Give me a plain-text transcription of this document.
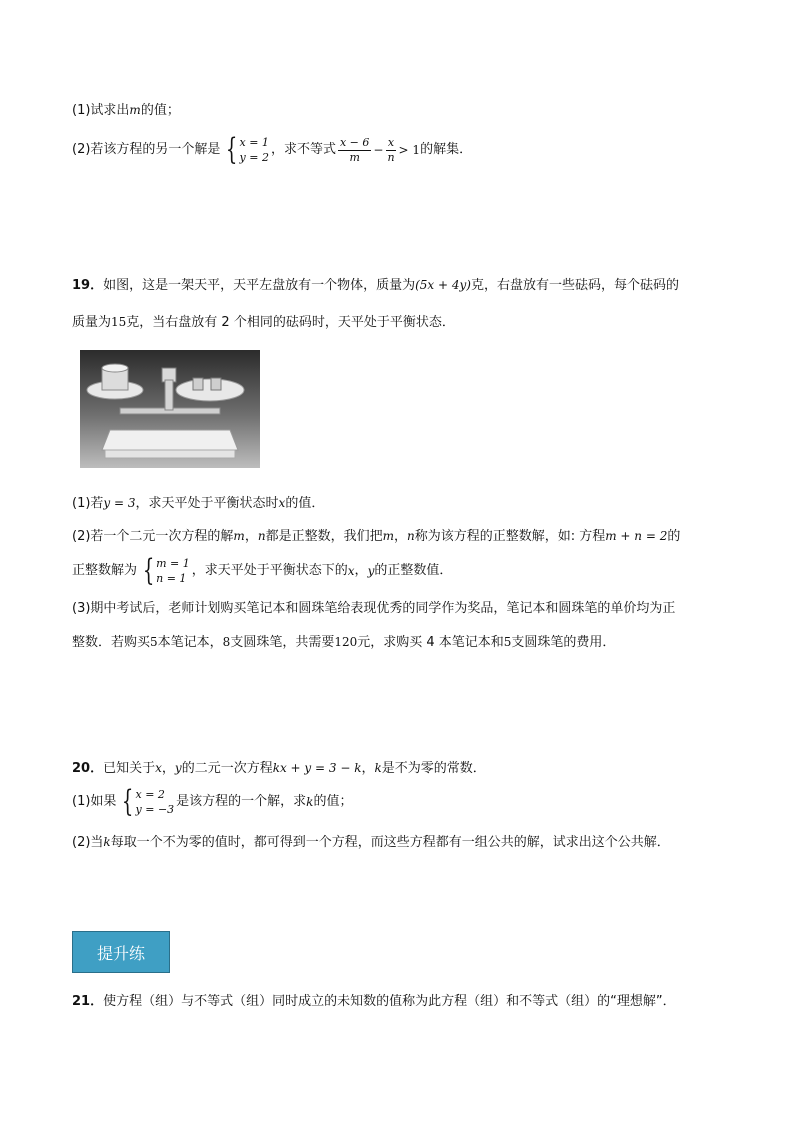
(1)试求出m的值；
(2)若该方程的另一个解是 { x = 1
y = 2
，求不等式 $\frac{x - 6}{m} - \frac{x}{n} > 1$ 的解集．
19．如图，这是一架天平，天平左盘放有一个物体，质量为(5x + 4y)克，右盘放有一些砝码，每个砝码的
质量为15克，当右盘放有 2 个相同的砝码时，天平处于平衡状态．
(1)若y = 3，求天平处于平衡状态时x的值．
(2)若一个二元一次方程的解m，n都是正整数，我们把m，n称为该方程的正整数解，如: 方程m + n = 2的
正整数解为 { m = 1
n = 1
，求天平处于平衡状态下的 x ， y 的正整数值．
(3)期中考试后，老师计划购买笔记本和圆珠笔给表现优秀的同学作为奖品，笔记本和圆珠笔的单价均为正
整数．若购买5本笔记本，8支圆珠笔，共需要120元，求购买 4 本笔记本和5支圆珠笔的费用．
20．已知关于x，y的二元一次方程kx + y = 3 − k，k是不为零的常数．
(1)如果 { x = 2
y = −3
是该方程的一个解，求 k 的值；
(2)当k每取一个不为零的值时，都可得到一个方程，而这些方程都有一组公共的解，试求出这个公共解．
提升练
21．使方程（组）与不等式（组）同时成立的未知数的值称为此方程（组）和不等式（组）的“理想解”．
